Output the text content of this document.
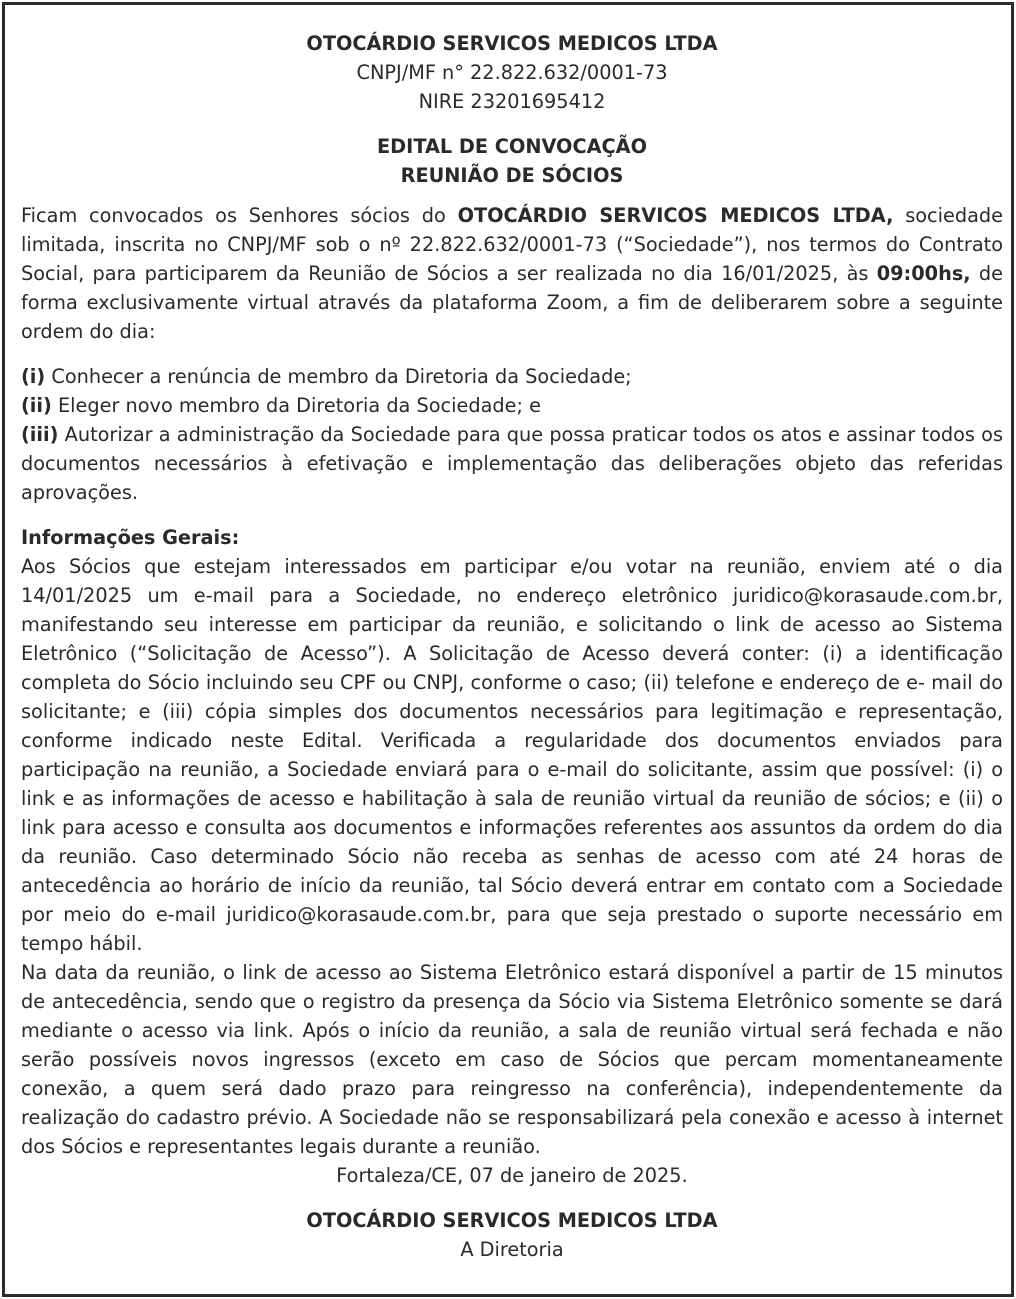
OTOCÁRDIO SERVICOS MEDICOS LTDA
CNPJ/MF n° 22.822.632/0001-73
NIRE 23201695412
EDITAL DE CONVOCAÇÃO
REUNIÃO DE SÓCIOS

Ficam convocados os Senhores sócios do OTOCÁRDIO SERVICOS MEDICOS LTDA, sociedade limitada, inscrita no CNPJ/MF sob o nº 22.822.632/0001-73 (“Sociedade”), nos termos do Contrato Social, para participarem da Reunião de Sócios a ser realizada no dia 16/01/2025, às 09:00hs, de forma exclusivamente virtual através da plataforma Zoom, a fim de deliberarem sobre a seguinte ordem do dia:

(i) Conhecer a renúncia de membro da Diretoria da Sociedade;

(ii) Eleger novo membro da Diretoria da Sociedade; e

(iii) Autorizar a administração da Sociedade para que possa praticar todos os atos e assinar todos os documentos necessários à efetivação e implementação das deliberações objeto das referidas aprovações.

Informações Gerais:

Aos Sócios que estejam interessados em participar e/ou votar na reunião, enviem até o dia 14/01/2025 um e-mail para a Sociedade, no endereço eletrônico juridico@korasaude.com.br, manifestando seu interesse em participar da reunião, e solicitando o link de acesso ao Sistema Eletrônico (“Solicitação de Acesso”). A Solicitação de Acesso deverá conter: (i) a identificação completa do Sócio incluindo seu CPF ou CNPJ, conforme o caso; (ii) telefone e endereço de e- mail do solicitante; e (iii) cópia simples dos documentos necessários para legitimação e representação, conforme indicado neste Edital. Verificada a regularidade dos documentos enviados para participação na reunião, a Sociedade enviará para o e-mail do solicitante, assim que possível: (i) o link e as informações de acesso e habilitação à sala de reunião virtual da reunião de sócios; e (ii) o link para acesso e consulta aos documentos e informações referentes aos assuntos da ordem do dia da reunião. Caso determinado Sócio não receba as senhas de acesso com até 24 horas de antecedência ao horário de início da reunião, tal Sócio deverá entrar em contato com a Sociedade por meio do e-mail juridico@korasaude.com.br, para que seja prestado o suporte necessário em tempo hábil.

Na data da reunião, o link de acesso ao Sistema Eletrônico estará disponível a partir de 15 minutos de antecedência, sendo que o registro da presença da Sócio via Sistema Eletrônico somente se dará mediante o acesso via link. Após o início da reunião, a sala de reunião virtual será fechada e não serão possíveis novos ingressos (exceto em caso de Sócios que percam momentaneamente conexão, a quem será dado prazo para reingresso na conferência), independentemente da realização do cadastro prévio. A Sociedade não se responsabilizará pela conexão e acesso à internet dos Sócios e representantes legais durante a reunião.

Fortaleza/CE, 07 de janeiro de 2025.
OTOCÁRDIO SERVICOS MEDICOS LTDA
A Diretoria
